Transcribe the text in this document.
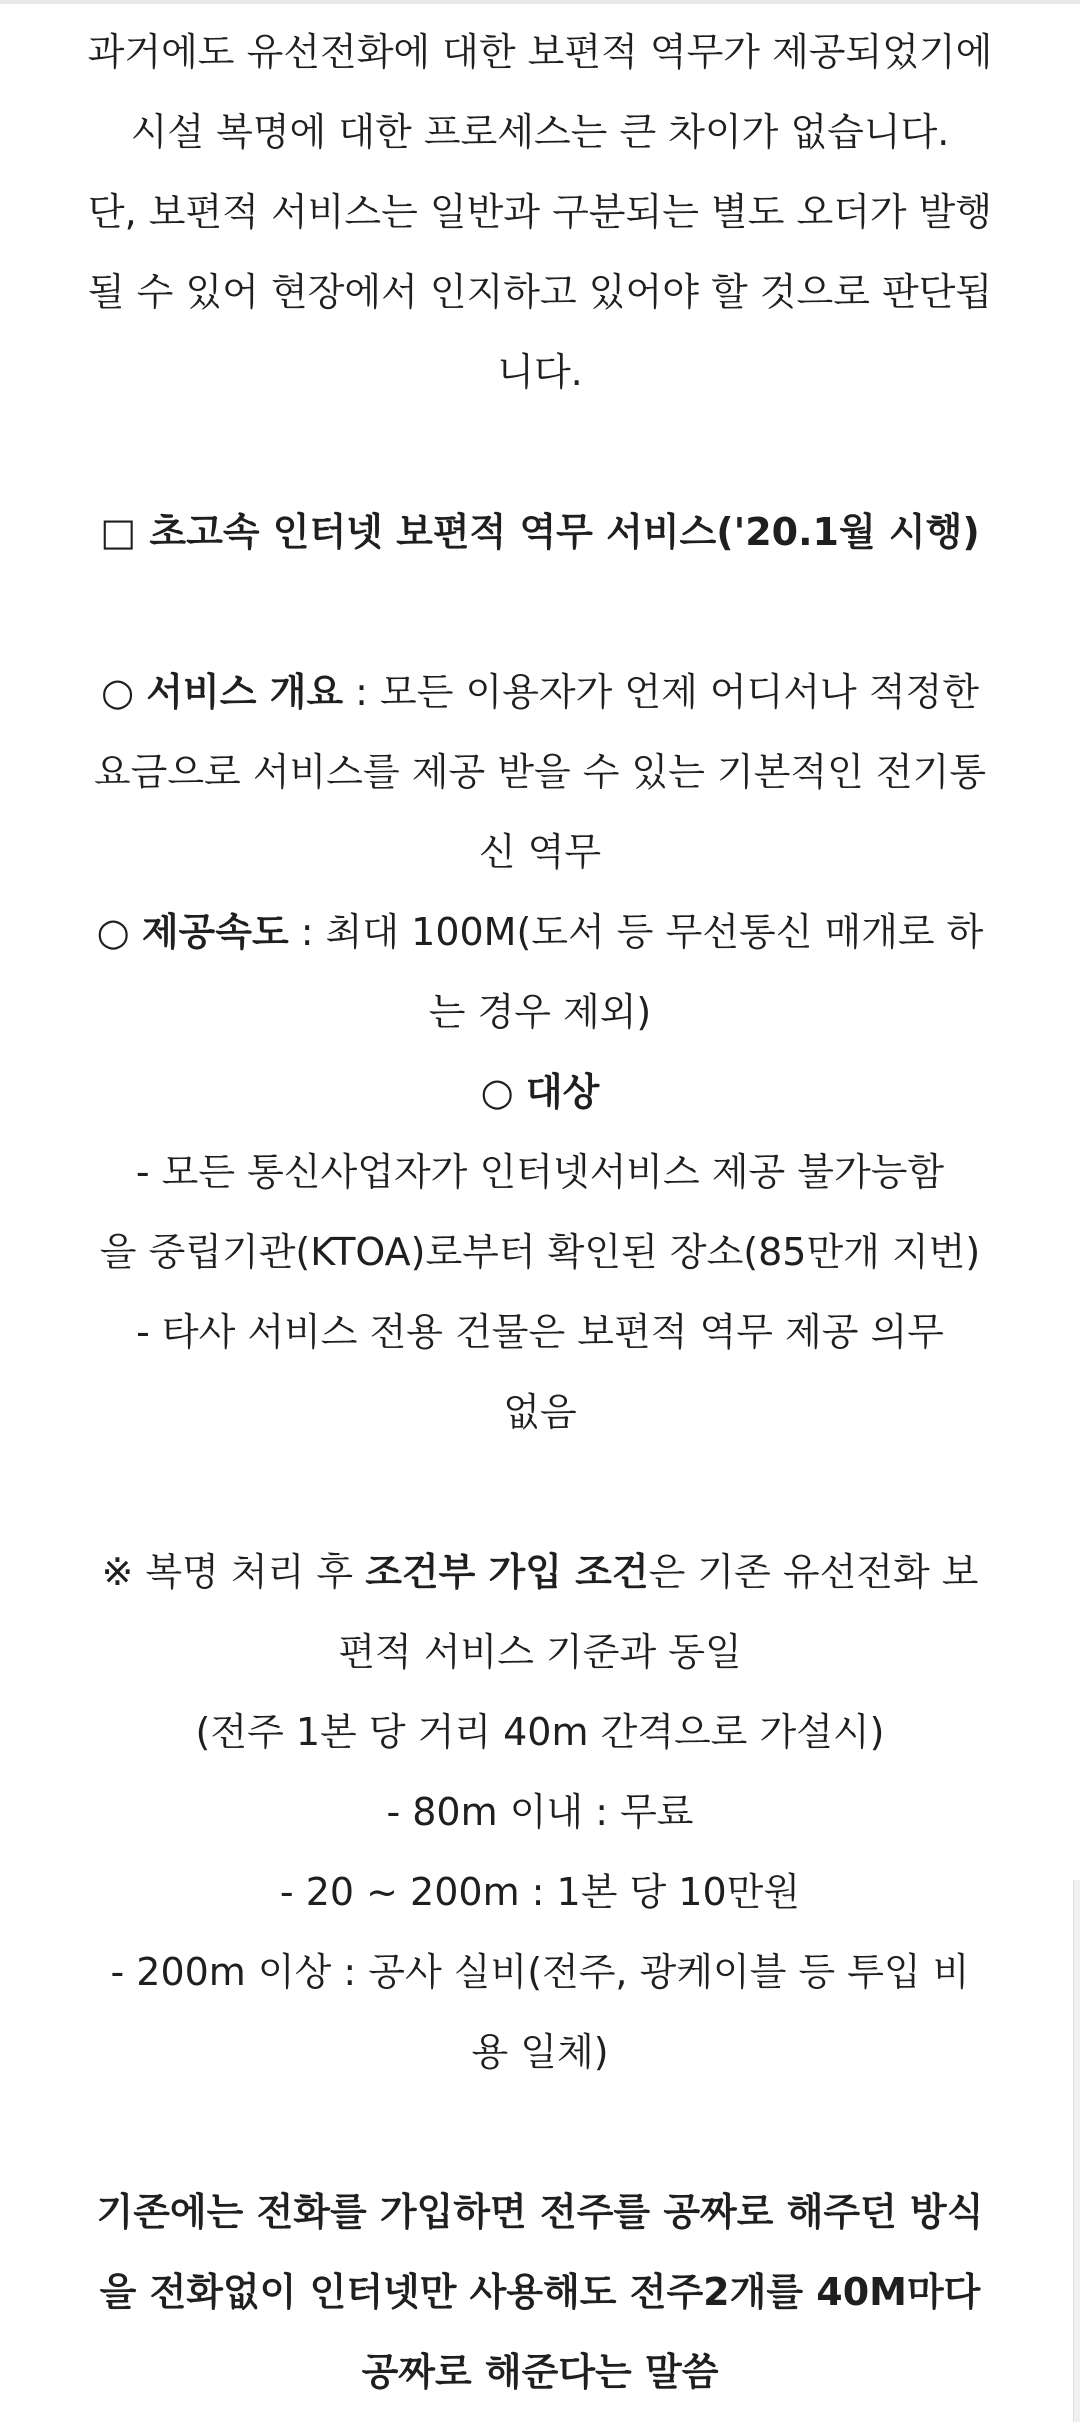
과거에도 유선전화에 대한 보편적 역무가 제공되었기에

시설 복명에 대한 프로세스는 큰 차이가 없습니다.

단, 보편적 서비스는 일반과 구분되는 별도 오더가 발행

될 수 있어 현장에서 인지하고 있어야 할 것으로 판단됩

니다.

□ 초고속 인터넷 보편적 역무 서비스('20.1월 시행)

○ 서비스 개요 : 모든 이용자가 언제 어디서나 적정한

요금으로 서비스를 제공 받을 수 있는 기본적인 전기통

신 역무

○ 제공속도 : 최대 100M(도서 등 무선통신 매개로 하

는 경우 제외)

○ 대상

- 모든 통신사업자가 인터넷서비스 제공 불가능함

을 중립기관(KTOA)로부터 확인된 장소(85만개 지번)

- 타사 서비스 전용 건물은 보편적 역무 제공 의무

없음

※ 복명 처리 후 조건부 가입 조건은 기존 유선전화 보

편적 서비스 기준과 동일

(전주 1본 당 거리 40m 간격으로 가설시)

- 80m 이내 : 무료

- 20 ~ 200m : 1본 당 10만원

- 200m 이상 : 공사 실비(전주, 광케이블 등 투입 비

용 일체)

기존에는 전화를 가입하면 전주를 공짜로 해주던 방식

을 전화없이 인터넷만 사용해도 전주2개를 40M마다

공짜로 해준다는 말씀
